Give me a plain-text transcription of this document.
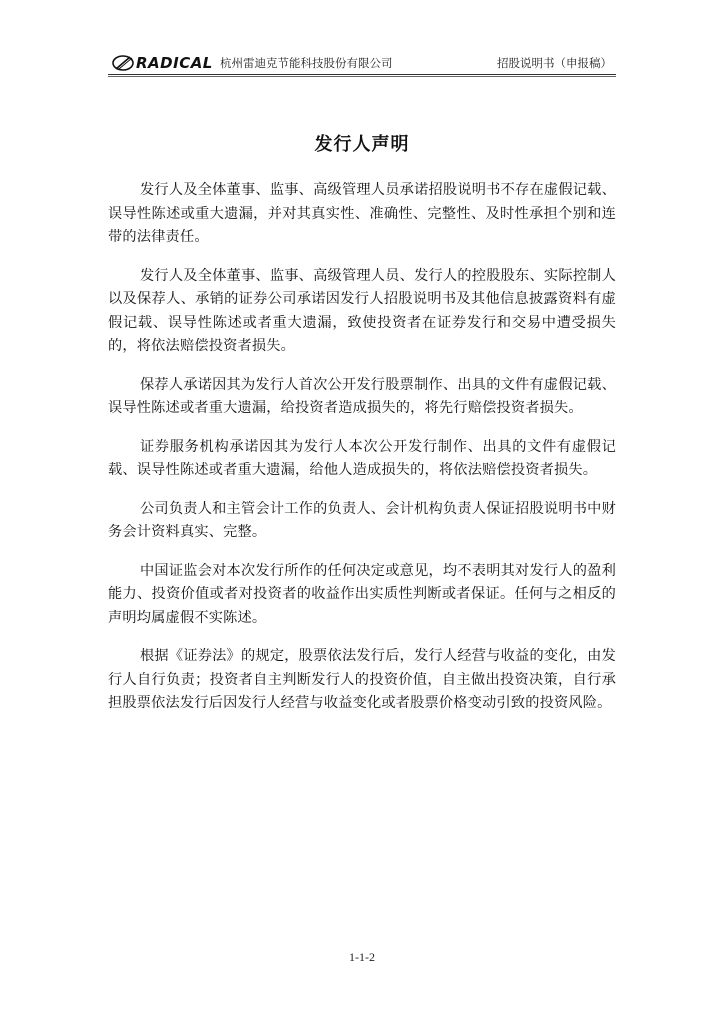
RADICAL 杭州雷迪克节能科技股份有限公司	招股说明书（申报稿）
发行人声明

发行人及全体董事、监事、高级管理人员承诺招股说明书不存在虚假记载、误导性陈述或重大遗漏，并对其真实性、准确性、完整性、及时性承担个别和连带的法律责任。

发行人及全体董事、监事、高级管理人员、发行人的控股股东、实际控制人以及保荐人、承销的证券公司承诺因发行人招股说明书及其他信息披露资料有虚假记载、误导性陈述或者重大遗漏，致使投资者在证券发行和交易中遭受损失的，将依法赔偿投资者损失。

保荐人承诺因其为发行人首次公开发行股票制作、出具的文件有虚假记载、误导性陈述或者重大遗漏，给投资者造成损失的，将先行赔偿投资者损失。

证券服务机构承诺因其为发行人本次公开发行制作、出具的文件有虚假记载、误导性陈述或者重大遗漏，给他人造成损失的，将依法赔偿投资者损失。

公司负责人和主管会计工作的负责人、会计机构负责人保证招股说明书中财务会计资料真实、完整。

中国证监会对本次发行所作的任何决定或意见，均不表明其对发行人的盈利能力、投资价值或者对投资者的收益作出实质性判断或者保证。任何与之相反的声明均属虚假不实陈述。

根据《证券法》的规定，股票依法发行后，发行人经营与收益的变化，由发行人自行负责；投资者自主判断发行人的投资价值，自主做出投资决策，自行承担股票依法发行后因发行人经营与收益变化或者股票价格变动引致的投资风险。

1-1-2
